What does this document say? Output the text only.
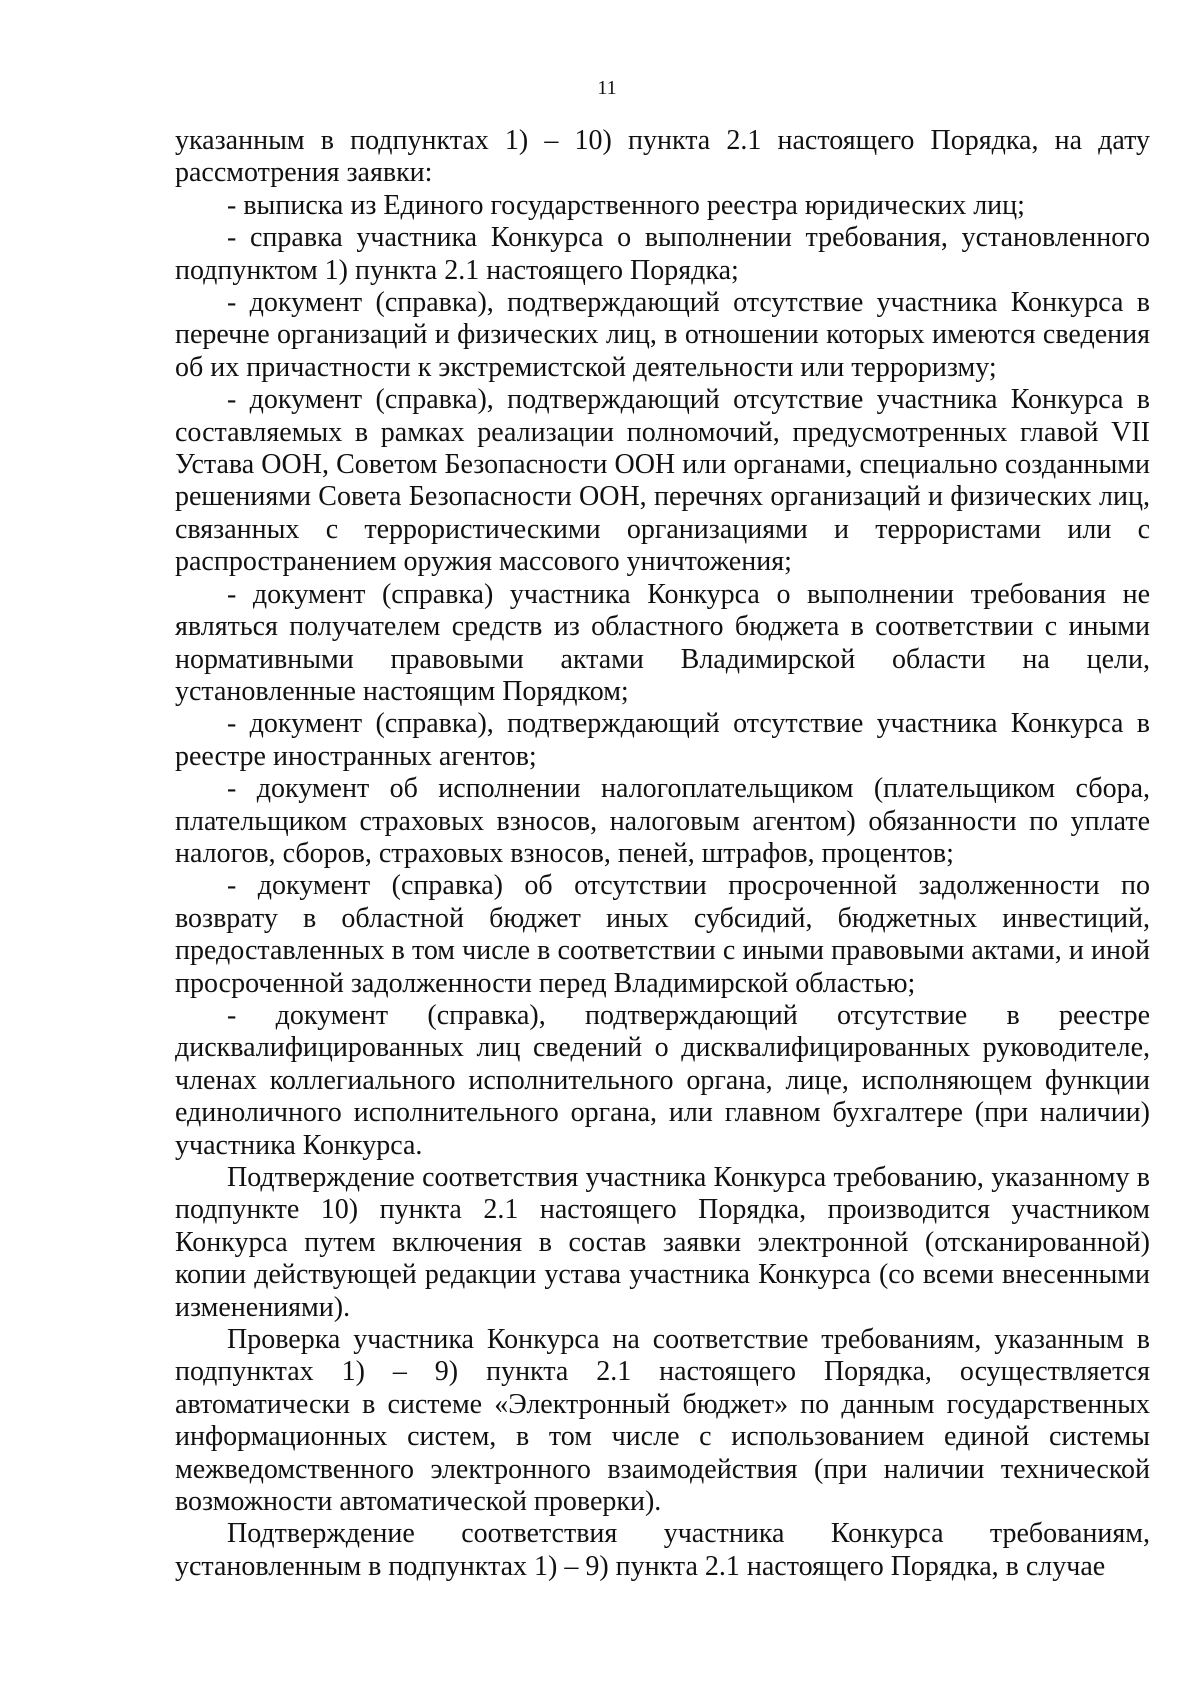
11

указанным в подпунктах 1) – 10) пункта 2.1 настоящего Порядка, на дату рассмотрения заявки:

- выписка из Единого государственного реестра юридических лиц;

- справка участника Конкурса о выполнении требования, установленного подпунктом 1) пункта 2.1 настоящего Порядка;

- документ (справка), подтверждающий отсутствие участника Конкурса в перечне организаций и физических лиц, в отношении которых имеются сведения об их причастности к экстремистской деятельности или терроризму;

- документ (справка), подтверждающий отсутствие участника Конкурса в составляемых в рамках реализации полномочий, предусмотренных главой VII Устава ООН, Советом Безопасности ООН или органами, специально созданными решениями Совета Безопасности ООН, перечнях организаций и физических лиц, связанных с террористическими организациями и террористами или с распространением оружия массового уничтожения;

- документ (справка) участника Конкурса о выполнении требования не являться получателем средств из областного бюджета в соответствии с иными нормативными правовыми актами Владимирской области на цели, установленные настоящим Порядком;

- документ (справка), подтверждающий отсутствие участника Конкурса в реестре иностранных агентов;

- документ об исполнении налогоплательщиком (плательщиком сбора, плательщиком страховых взносов, налоговым агентом) обязанности по уплате налогов, сборов, страховых взносов, пеней, штрафов, процентов;

- документ (справка) об отсутствии просроченной задолженности по возврату в областной бюджет иных субсидий, бюджетных инвестиций, предоставленных в том числе в соответствии с иными правовыми актами, и иной просроченной задолженности перед Владимирской областью;

- документ (справка), подтверждающий отсутствие в реестре дисквалифицированных лиц сведений о дисквалифицированных руководителе, членах коллегиального исполнительного органа, лице, исполняющем функции единоличного исполнительного органа, или главном бухгалтере (при наличии) участника Конкурса.

Подтверждение соответствия участника Конкурса требованию, указанному в подпункте 10) пункта 2.1 настоящего Порядка, производится участником Конкурса путем включения в состав заявки электронной (отсканированной) копии действующей редакции устава участника Конкурса (со всеми внесенными изменениями).

Проверка участника Конкурса на соответствие требованиям, указанным в подпунктах 1) – 9) пункта 2.1 настоящего Порядка, осуществляется автоматически в системе «Электронный бюджет» по данным государственных информационных систем, в том числе с использованием единой системы межведомственного электронного взаимодействия (при наличии технической возможности автоматической проверки).

Подтверждение соответствия участника Конкурса требованиям, установленным в подпунктах 1) – 9) пункта 2.1 настоящего Порядка, в случае
